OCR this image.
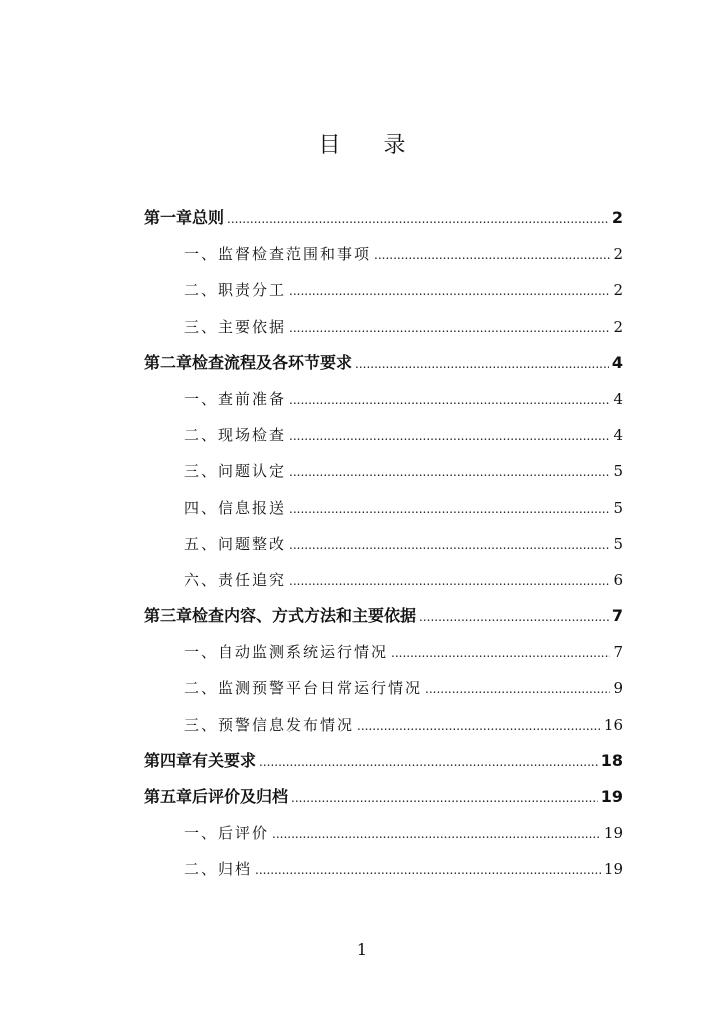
目 录
第一章 总则 .....	2
一、监督检查范围和事项 .....	2
二、职责分工 .....	2
三、主要依据 .....	2
第二章 检查流程及各环节要求 .....	4
一、查前准备 .....	4
二、现场检查 .....	4
三、问题认定 .....	5
四、信息报送 .....	5
五、问题整改 .....	5
六、责任追究 .....	6
第三章 检查内容、方式方法和主要依据 .....	7
一、自动监测系统运行情况 .....	7
二、监测预警平台日常运行情况 .....	9
三、预警信息发布情况 .....	16
第四章 有关要求 .....	18
第五章 后评价及归档 .....	19
一、后评价 .....	19
二、归档 .....	19
1
